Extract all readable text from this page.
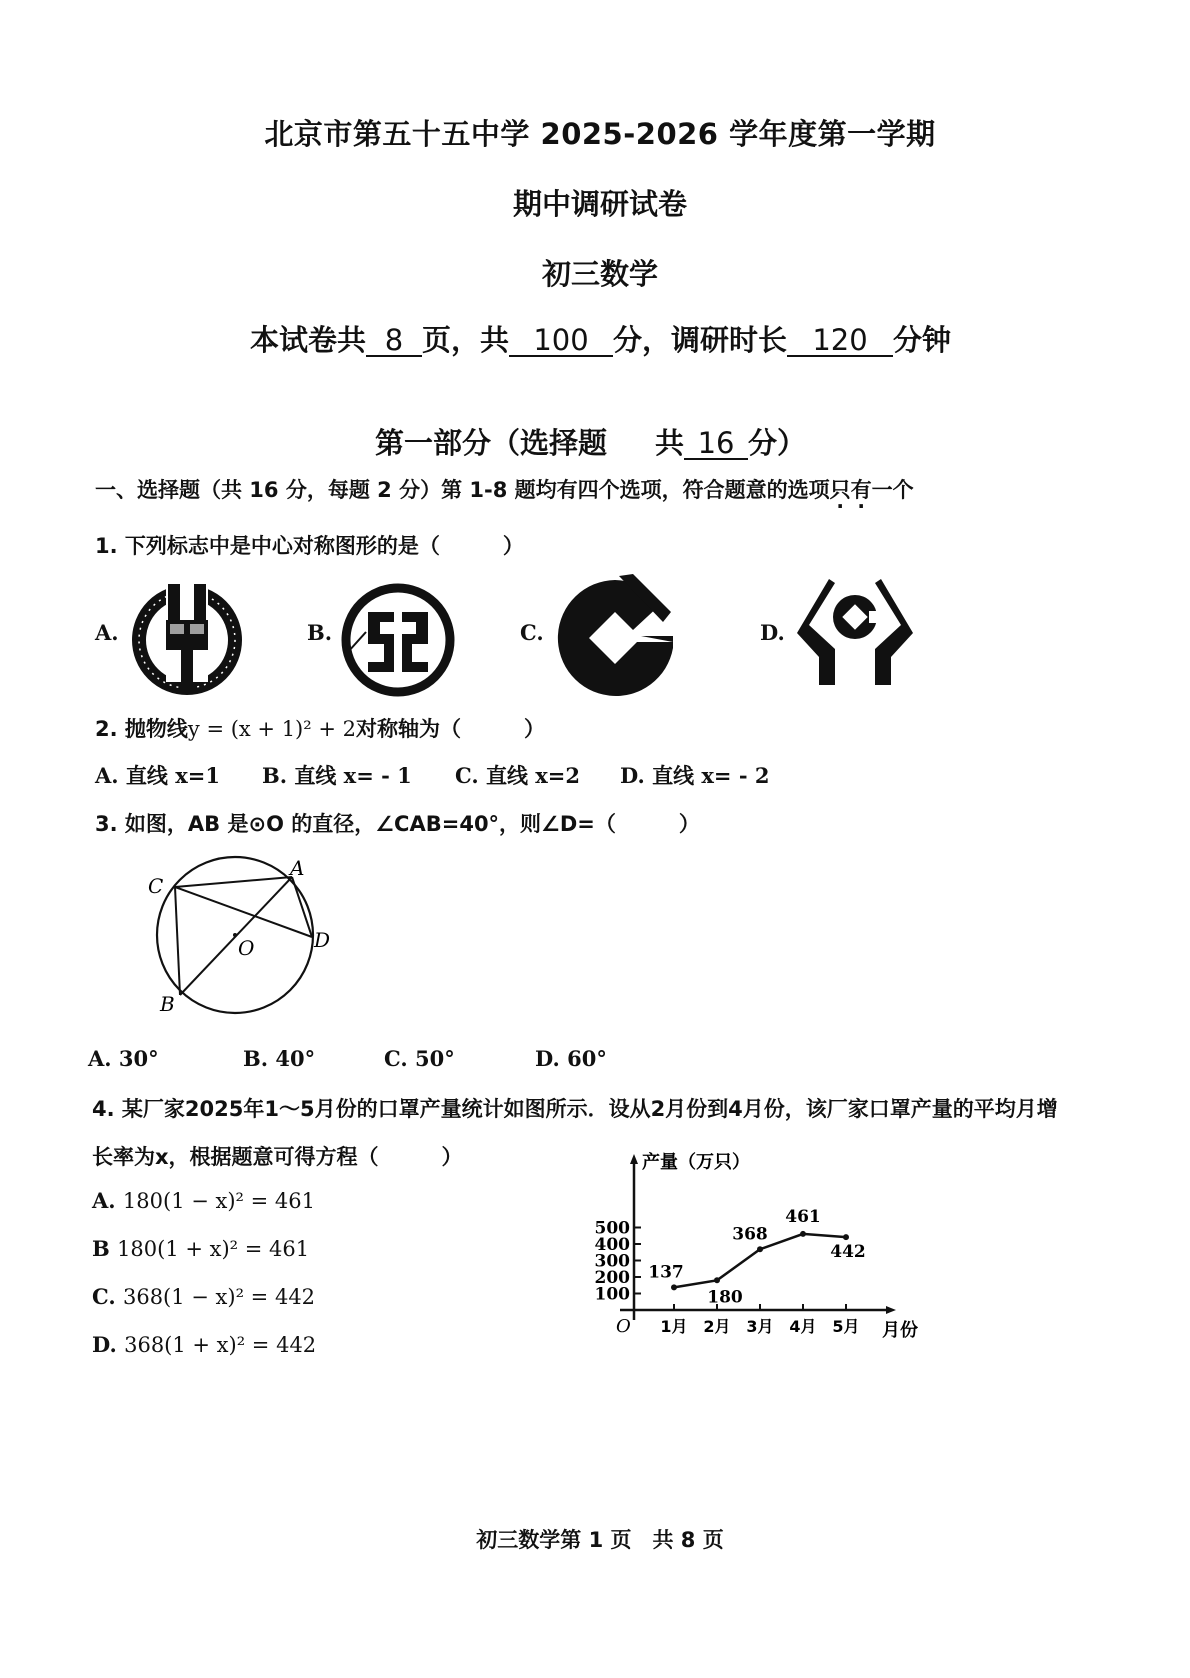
北京市第五十五中学 2025-2026 学年度第一学期
期中调研试卷
初三数学
本试卷共 8 页，共 100 分，调研时长 120 分钟
第一部分（选择题 共 16 分）
一、选择题（共 16 分，每题 2 分）第 1-8 题均有四个选项，符合题意的选项只有一个
1. 下列标志中是中心对称图形的是（　　　）
A.	B.	C.	D.
2. 抛物线y = (x + 1)² + 2对称轴为（　　　）
A. 直线 x=1 B. 直线 x= - 1 C. 直线 x=2 D. 直线 x= - 2
3. 如图，AB 是⊙O 的直径，∠CAB=40°，则∠D=（　　　）
C
A
D
B
O
A. 30°	B. 40°	C. 50°	D. 60°
4. 某厂家2025年1～5月份的口罩产量统计如图所示．设从2月份到4月份，该厂家口罩产量的平均月增
长率为x，根据题意可得方程（　　　）
A. 180(1 − x)² = 461
B 180(1 + x)² = 461
C. 368(1 − x)² = 442
D. 368(1 + x)² = 442
产量（万只）
100
200
300
400
500
O 1月 2月 3月 4月 5月 月份
137
180
368
461
442
初三数学第 1 页　共 8 页
